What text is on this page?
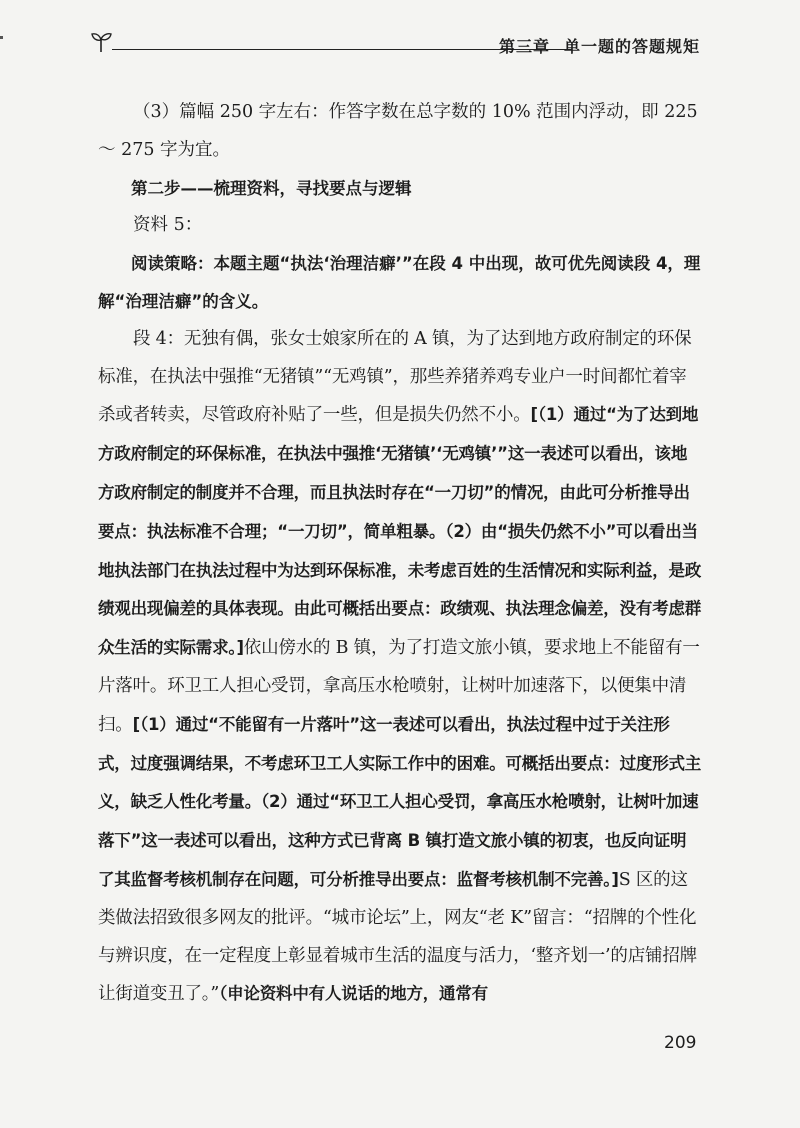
第三章 单一题的答题规矩

（3）篇幅 250 字左右：作答字数在总字数的 10% 范围内浮动，即 225 ～ 275 字为宜。

第二步——梳理资料，寻找要点与逻辑

资料 5：

阅读策略：本题主题“执法‘治理洁癖’”在段 4 中出现，故可优先阅读段 4，理解“治理洁癖”的含义。

段 4：无独有偶，张女士娘家所在的 A 镇，为了达到地方政府制定的环保标准，在执法中强推“无猪镇”“无鸡镇”，那些养猪养鸡专业户一时间都忙着宰杀或者转卖，尽管政府补贴了一些，但是损失仍然不小。[（1）通过“为了达到地方政府制定的环保标准，在执法中强推‘无猪镇’‘无鸡镇’”这一表述可以看出，该地方政府制定的制度并不合理，而且执法时存在“一刀切”的情况，由此可分析推导出要点：执法标准不合理；“一刀切”，简单粗暴。（2）由“损失仍然不小”可以看出当地执法部门在执法过程中为达到环保标准，未考虑百姓的生活情况和实际利益，是政绩观出现偏差的具体表现。由此可概括出要点：政绩观、执法理念偏差，没有考虑群众生活的实际需求。]依山傍水的 B 镇，为了打造文旅小镇，要求地上不能留有一片落叶。环卫工人担心受罚，拿高压水枪喷射，让树叶加速落下，以便集中清扫。[（1）通过“不能留有一片落叶”这一表述可以看出，执法过程中过于关注形式，过度强调结果，不考虑环卫工人实际工作中的困难。可概括出要点：过度形式主义，缺乏人性化考量。（2）通过“环卫工人担心受罚，拿高压水枪喷射，让树叶加速落下”这一表述可以看出，这种方式已背离 B 镇打造文旅小镇的初衷，也反向证明了其监督考核机制存在问题，可分析推导出要点：监督考核机制不完善。]S 区的这类做法招致很多网友的批评。“城市论坛”上，网友“老 K”留言：“招牌的个性化与辨识度，在一定程度上彰显着城市生活的温度与活力，‘整齐划一’的店铺招牌让街道变丑了。”（申论资料中有人说话的地方，通常有

209
